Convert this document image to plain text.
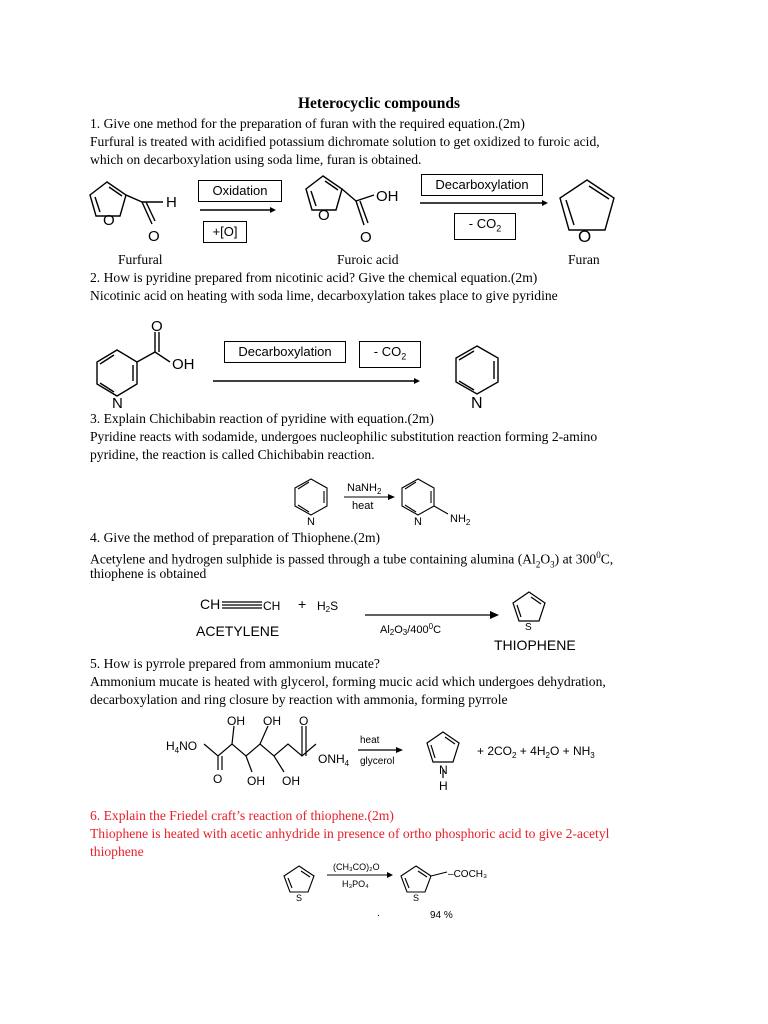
Heterocyclic compounds

1. Give one method for the preparation of furan with the required equation.(2m)

Furfural is treated with acidified potassium dichromate solution to get oxidized to furoic acid,

which on decarboxylation using soda lime, furan is obtained.

O
H
O
O
OH
O	O
Oxidation
+[O]
Decarboxylation
- $CO_2$

Furfural	Furoic acid	Furan

2. How is pyridine prepared from nicotinic acid? Give the chemical equation.(2m)

Nicotinic acid on heating with soda lime, decarboxylation takes place to give pyridine

O
OH
N	N
Decarboxylation	- $CO_2$

3. Explain Chichibabin reaction of pyridine with equation.(2m)

Pyridine reacts with sodamide, undergoes nucleophilic substitution reaction forming 2-amino

pyridine, the reaction is called Chichibabin reaction.

NaNH$_2$
heat
N	N	$NH_2$

4. Give the method of preparation of Thiophene.(2m)

Acetylene and hydrogen sulphide is passed through a tube containing alumina $(Al_2O_3)$ at $300^0C$,

thiophene is obtained

CH	CH + H2S
ACETYLENE	$Al2O3/400^0C$	S
THIOPHENE

5. How is pyrrole prepared from ammonium mucate?

Ammonium mucate is heated with glycerol, forming mucic acid which undergoes dehydration,

decarboxylation and ring closure by reaction with ammonia, forming pyrrole

$H_4NO$
OH OH O
O OH OH
$ONH_4$
heat
glycerol
N
H
+ $2CO_2 + 4H_2O + NH_3$

6. Explain the Friedel craft’s reaction of thiophene.(2m)

Thiophene is heated with acetic anhydride in presence of ortho phosphoric acid to give 2-acetyl

thiophene

(CH₃CO)₂O
H₃PO₄
S	S
–COCH₃
.	94 %
